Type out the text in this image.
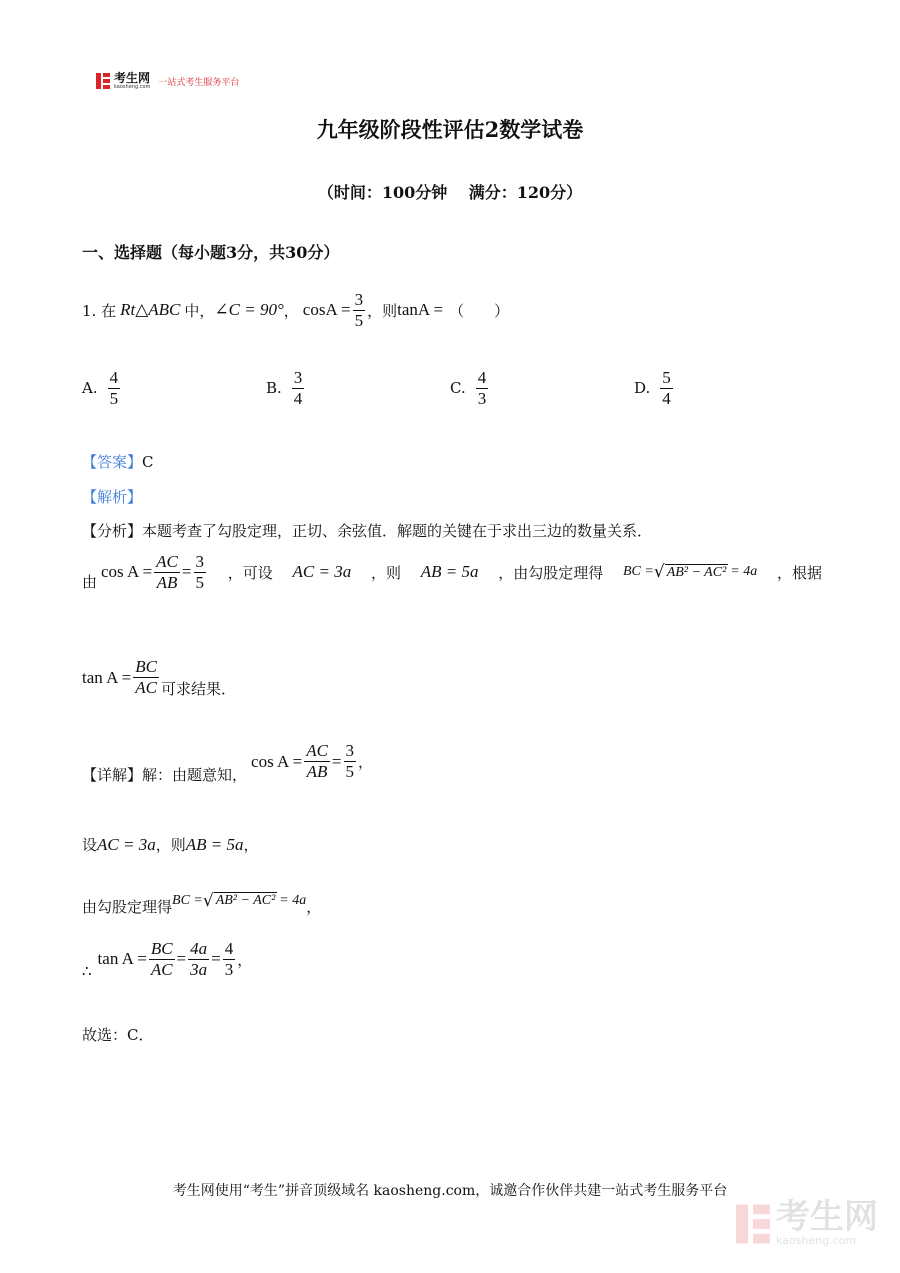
考生网
kaosheng.com 一站式考生服务平台
九年级阶段性评估2数学试卷
（时间：100分钟　 满分：120分）
一、选择题（每小题3分，共30分）
1. 在 Rt△ABC 中， ∠C = 90° ， $\cos A = \frac{3}{5}$ ，则 tanA = （　　）
A. $\frac{4}{5}$	B. $\frac{3}{4}$	C. $\frac{4}{3}$	D. $\frac{5}{4}$
【答案】C
【解析】
【分析】本题考查了勾股定理，正切、余弦值．解题的关键在于求出三边的数量关系．
由
$\cos A = \frac{AC}{AB} = \frac{3}{5}$ ，可设 AC = 3a ，则 AB = 5a ，由勾股定理得 BC = √ AB² − AC² = 4a ，根据
$\tan A = \frac{BC}{AC}$ 可求结果．
【详解】 解：由题意知，
$\cos A = \frac{AC}{AB} = \frac{3}{5}$ ，
设 AC = 3a ，则 AB = 5a ，
由勾股定理得 BC = √ AB² − AC² = 4a ，
∴
$\tan A = \frac{BC}{AC} = \frac{4a}{3a} = \frac{4}{3}$ ，
故选：C．
考生网使用“考生”拼音顶级域名 kaosheng.com，诚邀合作伙伴共建一站式考生服务平台
考生网
kaosheng.com
